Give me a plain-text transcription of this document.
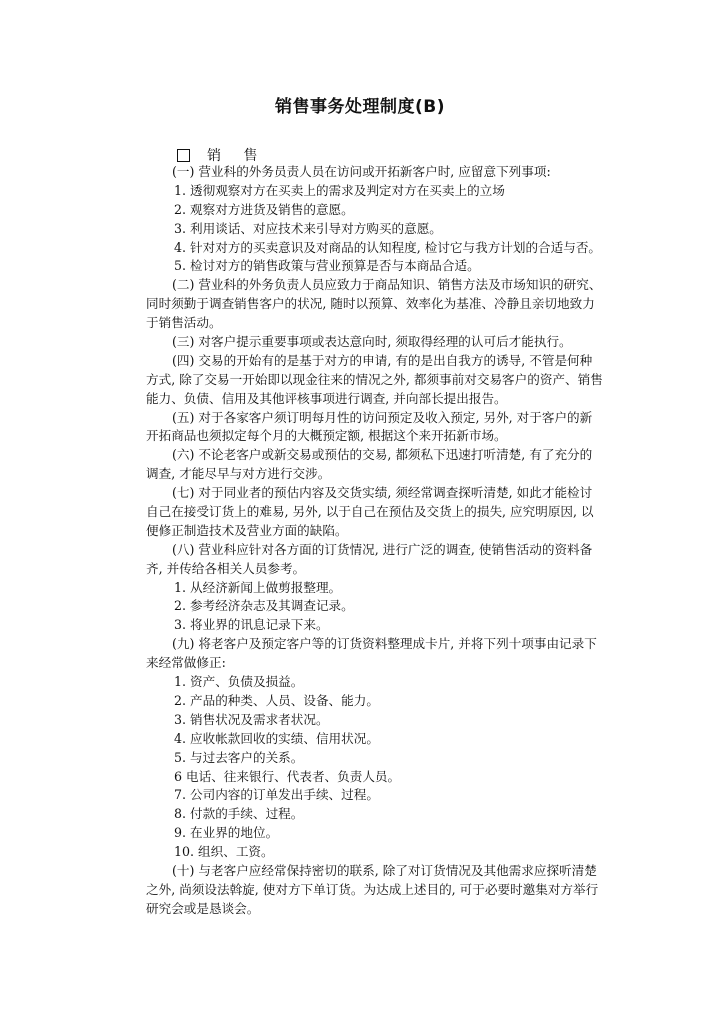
销售事务处理制度(B)
销 售
(一) 营业科的外务员责人员在访问或开拓新客户时, 应留意下列事项:
1. 透彻观察对方在买卖上的需求及判定对方在买卖上的立场
2. 观察对方进货及销售的意愿。
3. 利用谈话、对应技术来引导对方购买的意愿。
4. 针对对方的买卖意识及对商品的认知程度, 检讨它与我方计划的合适与否。
5. 检讨对方的销售政策与营业预算是否与本商品合适。
(二) 营业科的外务负责人员应致力于商品知识、销售方法及市场知识的研究、
同时须勤于调查销售客户的状况, 随时以预算、效率化为基准、冷静且亲切地致力
于销售活动。
(三) 对客户提示重要事项或表达意向时, 须取得经理的认可后才能执行。
(四) 交易的开始有的是基于对方的申请, 有的是出自我方的诱导, 不管是何种
方式, 除了交易一开始即以现金往来的情况之外, 都须事前对交易客户的资产、销售
能力、负债、信用及其他评核事项进行调查, 并向部长提出报告。
(五) 对于各家客户须订明每月性的访问预定及收入预定, 另外, 对于客户的新
开拓商品也须拟定每个月的大概预定额, 根据这个来开拓新市场。
(六) 不论老客户或新交易或预估的交易, 都须私下迅速打听清楚, 有了充分的
调查, 才能尽早与对方进行交涉。
(七) 对于同业者的预估内容及交货实绩, 须经常调查探听清楚, 如此才能检讨
自己在接受订货上的难易, 另外, 以于自己在预估及交货上的损失, 应究明原因, 以
便修正制造技术及营业方面的缺陷。
(八) 营业科应针对各方面的订货情况, 进行广泛的调查, 使销售活动的资料备
齐, 并传给各相关人员参考。
1. 从经济新闻上做剪报整理。
2. 参考经济杂志及其调查记录。
3. 将业界的讯息记录下来。
(九) 将老客户及预定客户等的订货资料整理成卡片, 并将下列十项事由记录下
来经常做修正:
1. 资产、负债及损益。
2. 产品的种类、人员、设备、能力。
3. 销售状况及需求者状况。
4. 应收帐款回收的实绩、信用状况。
5. 与过去客户的关系。
6 电话、往来银行、代表者、负责人员。
7. 公司内容的订单发出手续、过程。
8. 付款的手续、过程。
9. 在业界的地位。
10. 组织、工资。
(十) 与老客户应经常保持密切的联系, 除了对订货情况及其他需求应探听清楚
之外, 尚须设法斡旋, 使对方下单订货。为达成上述目的, 可于必要时邀集对方举行
研究会或是恳谈会。
